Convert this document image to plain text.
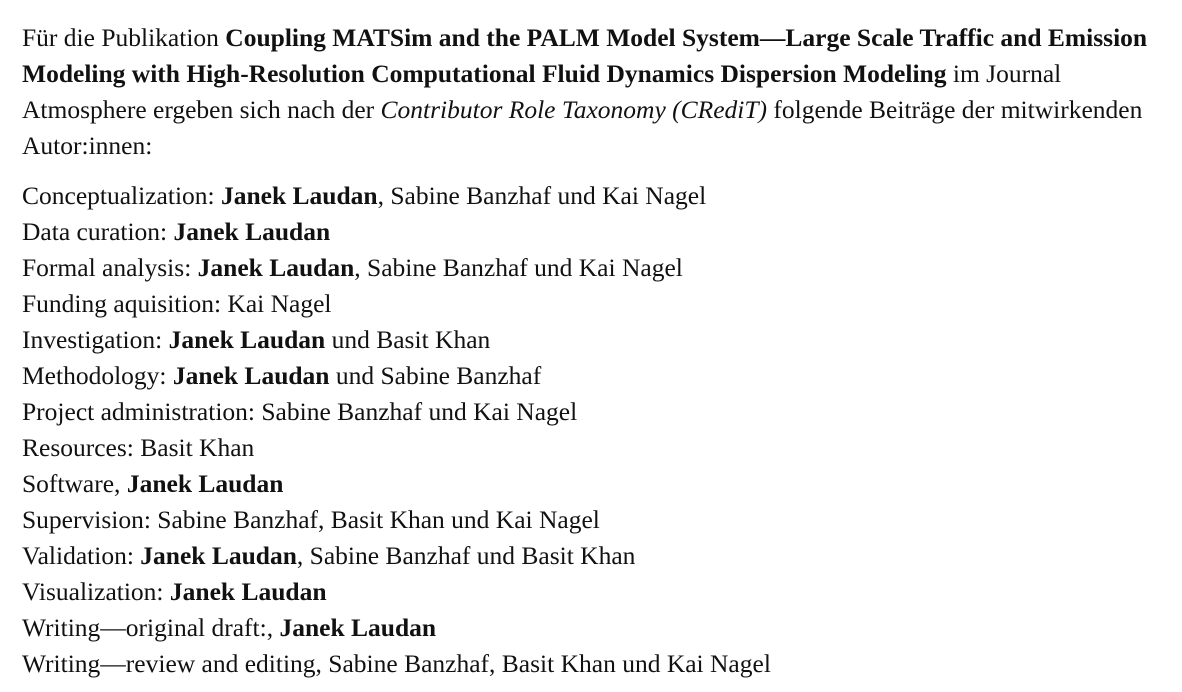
Für die Publikation Coupling MATSim and the PALM Model System—Large Scale Traffic and Emission Modeling with High-Resolution Computational Fluid Dynamics Dispersion Modeling im Journal Atmosphere ergeben sich nach der Contributor Role Taxonomy (CRediT) folgende Beiträge der mitwirkenden Autor:innen:

Conceptualization: Janek Laudan, Sabine Banzhaf und Kai Nagel
Data curation: Janek Laudan
Formal analysis: Janek Laudan, Sabine Banzhaf und Kai Nagel
Funding aquisition: Kai Nagel
Investigation: Janek Laudan und Basit Khan
Methodology: Janek Laudan und Sabine Banzhaf
Project administration: Sabine Banzhaf und Kai Nagel
Resources: Basit Khan
Software, Janek Laudan
Supervision: Sabine Banzhaf, Basit Khan und Kai Nagel
Validation: Janek Laudan, Sabine Banzhaf und Basit Khan
Visualization: Janek Laudan
Writing—original draft:, Janek Laudan
Writing—review and editing, Sabine Banzhaf, Basit Khan und Kai Nagel
